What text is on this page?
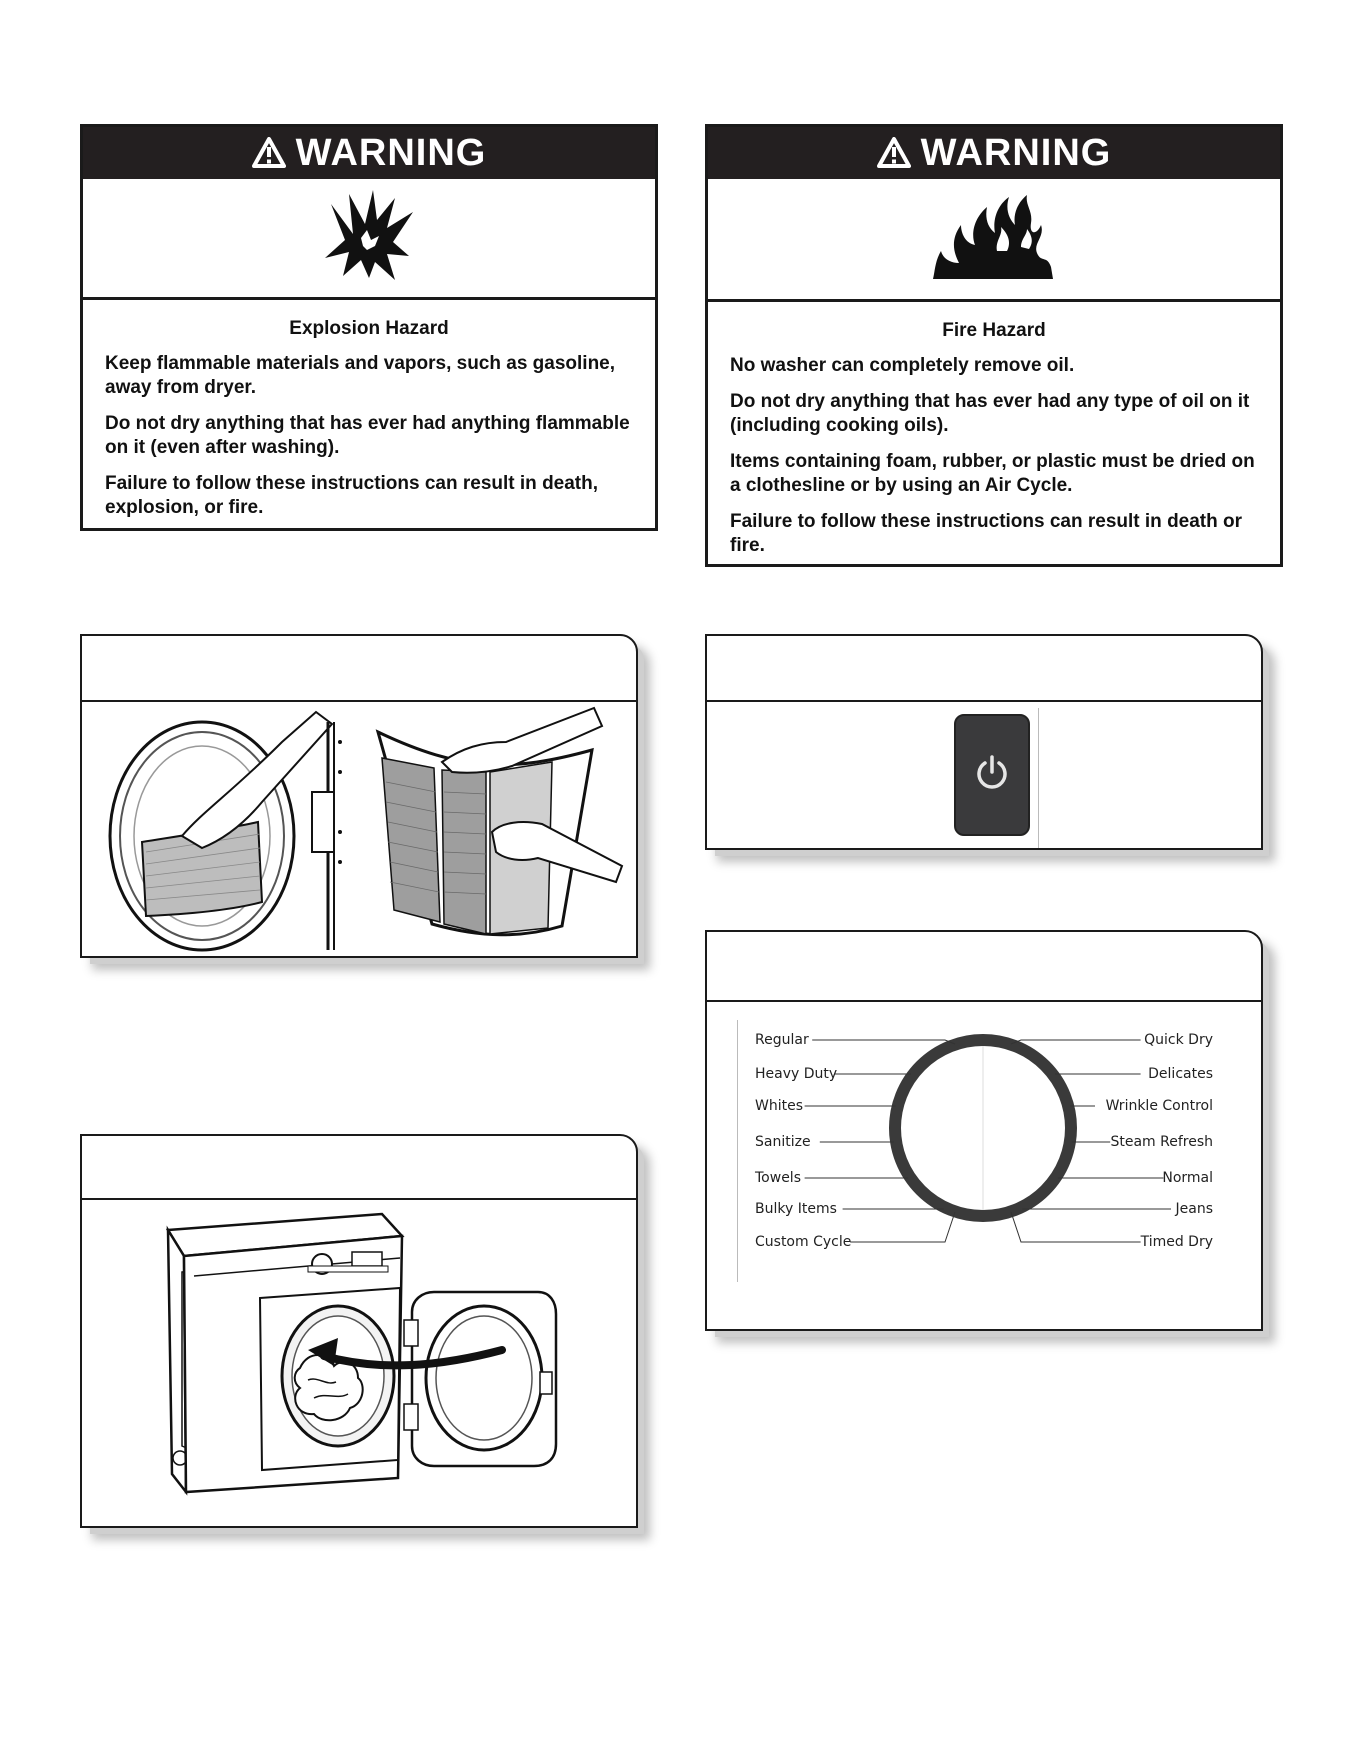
WARNING
Explosion Hazard

Keep flammable materials and vapors, such as gasoline, away from dryer.

Do not dry anything that has ever had anything flammable on it (even after washing).

Failure to follow these instructions can result in death, explosion, or fire.

WARNING
Fire Hazard

No washer can completely remove oil.

Do not dry anything that has ever had any type of oil on it (including cooking oils).

Items containing foam, rubber, or plastic must be dried on a clothesline or by using an Air Cycle.

Failure to follow these instructions can result in death or fire.

Regular
Heavy Duty
Whites
Sanitize
Towels
Bulky Items
Custom Cycle
Quick Dry
Delicates
Wrinkle Control
Steam Refresh
Normal
Jeans
Timed Dry
